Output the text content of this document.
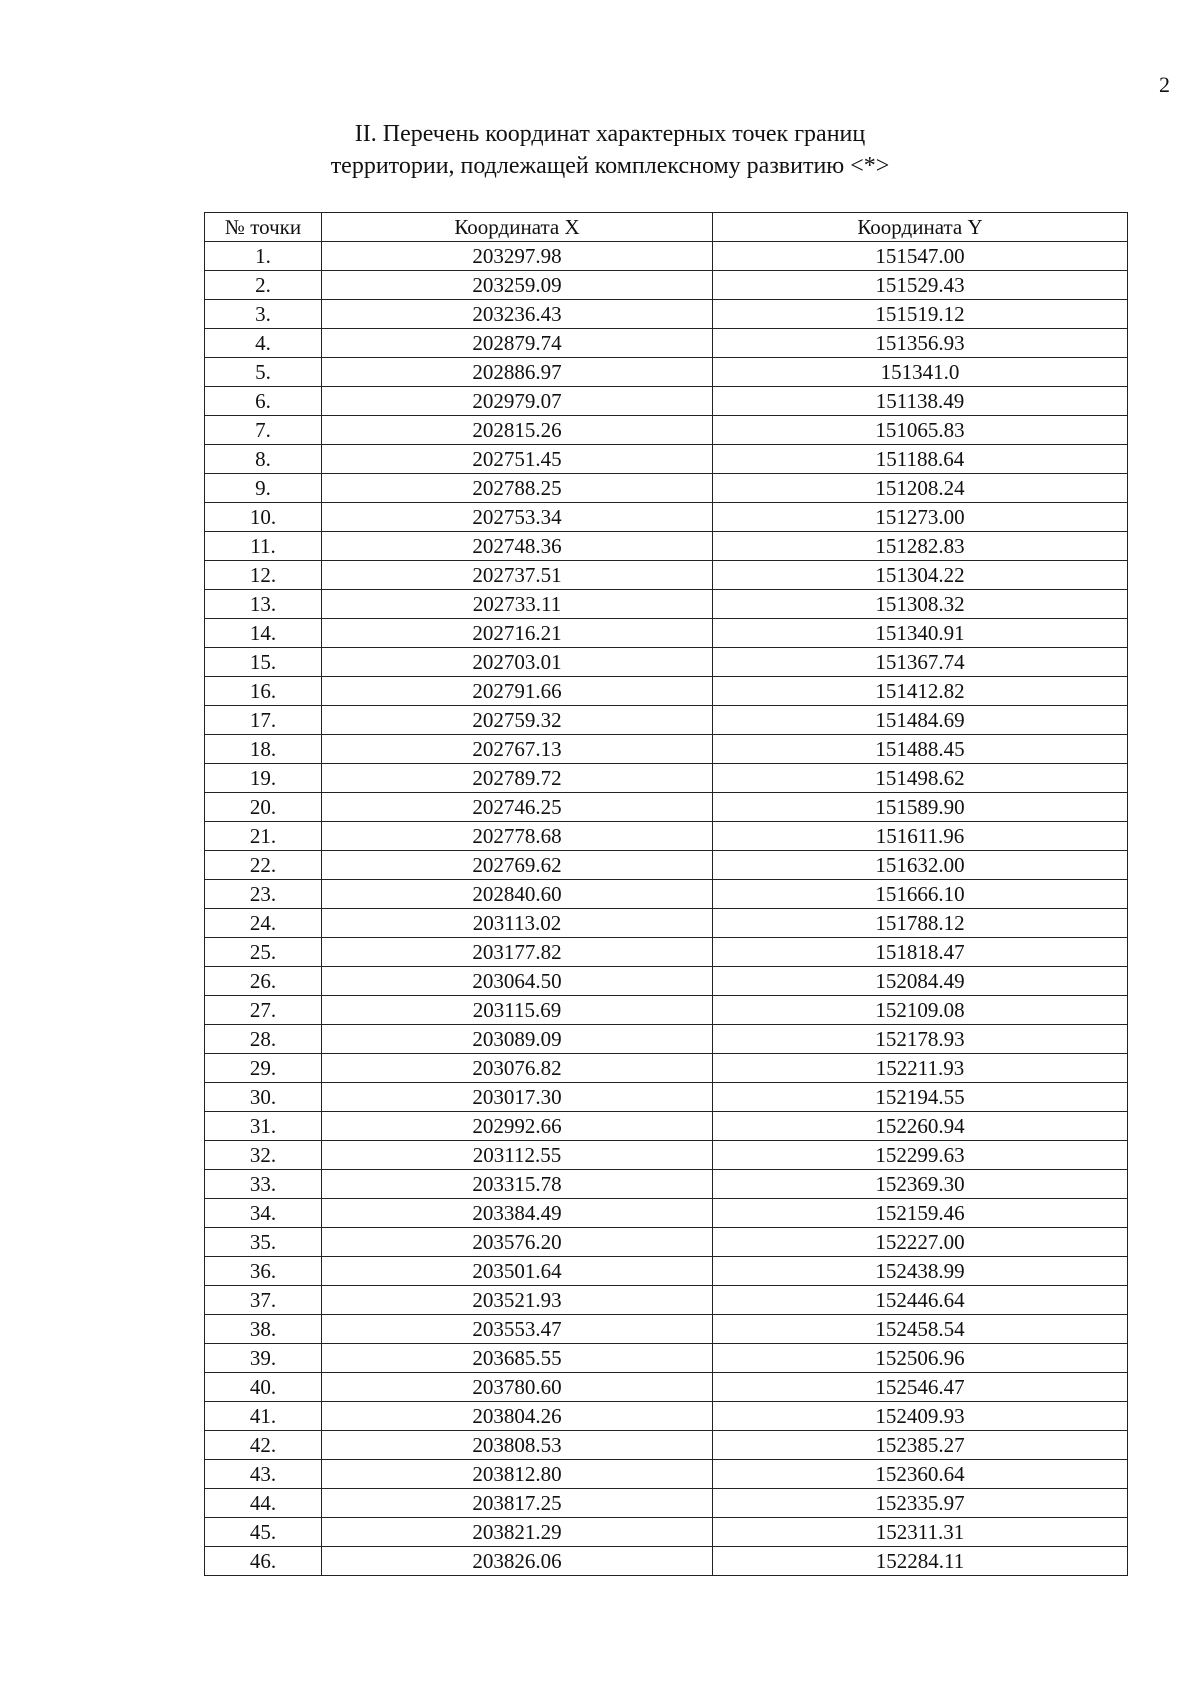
2
II. Перечень координат характерных точек границ
территории, подлежащей комплексному развитию <*>
№ точки	Координата X	Координата Y
1.	203297.98	151547.00
2.	203259.09	151529.43
3.	203236.43	151519.12
4.	202879.74	151356.93
5.	202886.97	151341.0
6.	202979.07	151138.49
7.	202815.26	151065.83
8.	202751.45	151188.64
9.	202788.25	151208.24
10.	202753.34	151273.00
11.	202748.36	151282.83
12.	202737.51	151304.22
13.	202733.11	151308.32
14.	202716.21	151340.91
15.	202703.01	151367.74
16.	202791.66	151412.82
17.	202759.32	151484.69
18.	202767.13	151488.45
19.	202789.72	151498.62
20.	202746.25	151589.90
21.	202778.68	151611.96
22.	202769.62	151632.00
23.	202840.60	151666.10
24.	203113.02	151788.12
25.	203177.82	151818.47
26.	203064.50	152084.49
27.	203115.69	152109.08
28.	203089.09	152178.93
29.	203076.82	152211.93
30.	203017.30	152194.55
31.	202992.66	152260.94
32.	203112.55	152299.63
33.	203315.78	152369.30
34.	203384.49	152159.46
35.	203576.20	152227.00
36.	203501.64	152438.99
37.	203521.93	152446.64
38.	203553.47	152458.54
39.	203685.55	152506.96
40.	203780.60	152546.47
41.	203804.26	152409.93
42.	203808.53	152385.27
43.	203812.80	152360.64
44.	203817.25	152335.97
45.	203821.29	152311.31
46.	203826.06	152284.11
